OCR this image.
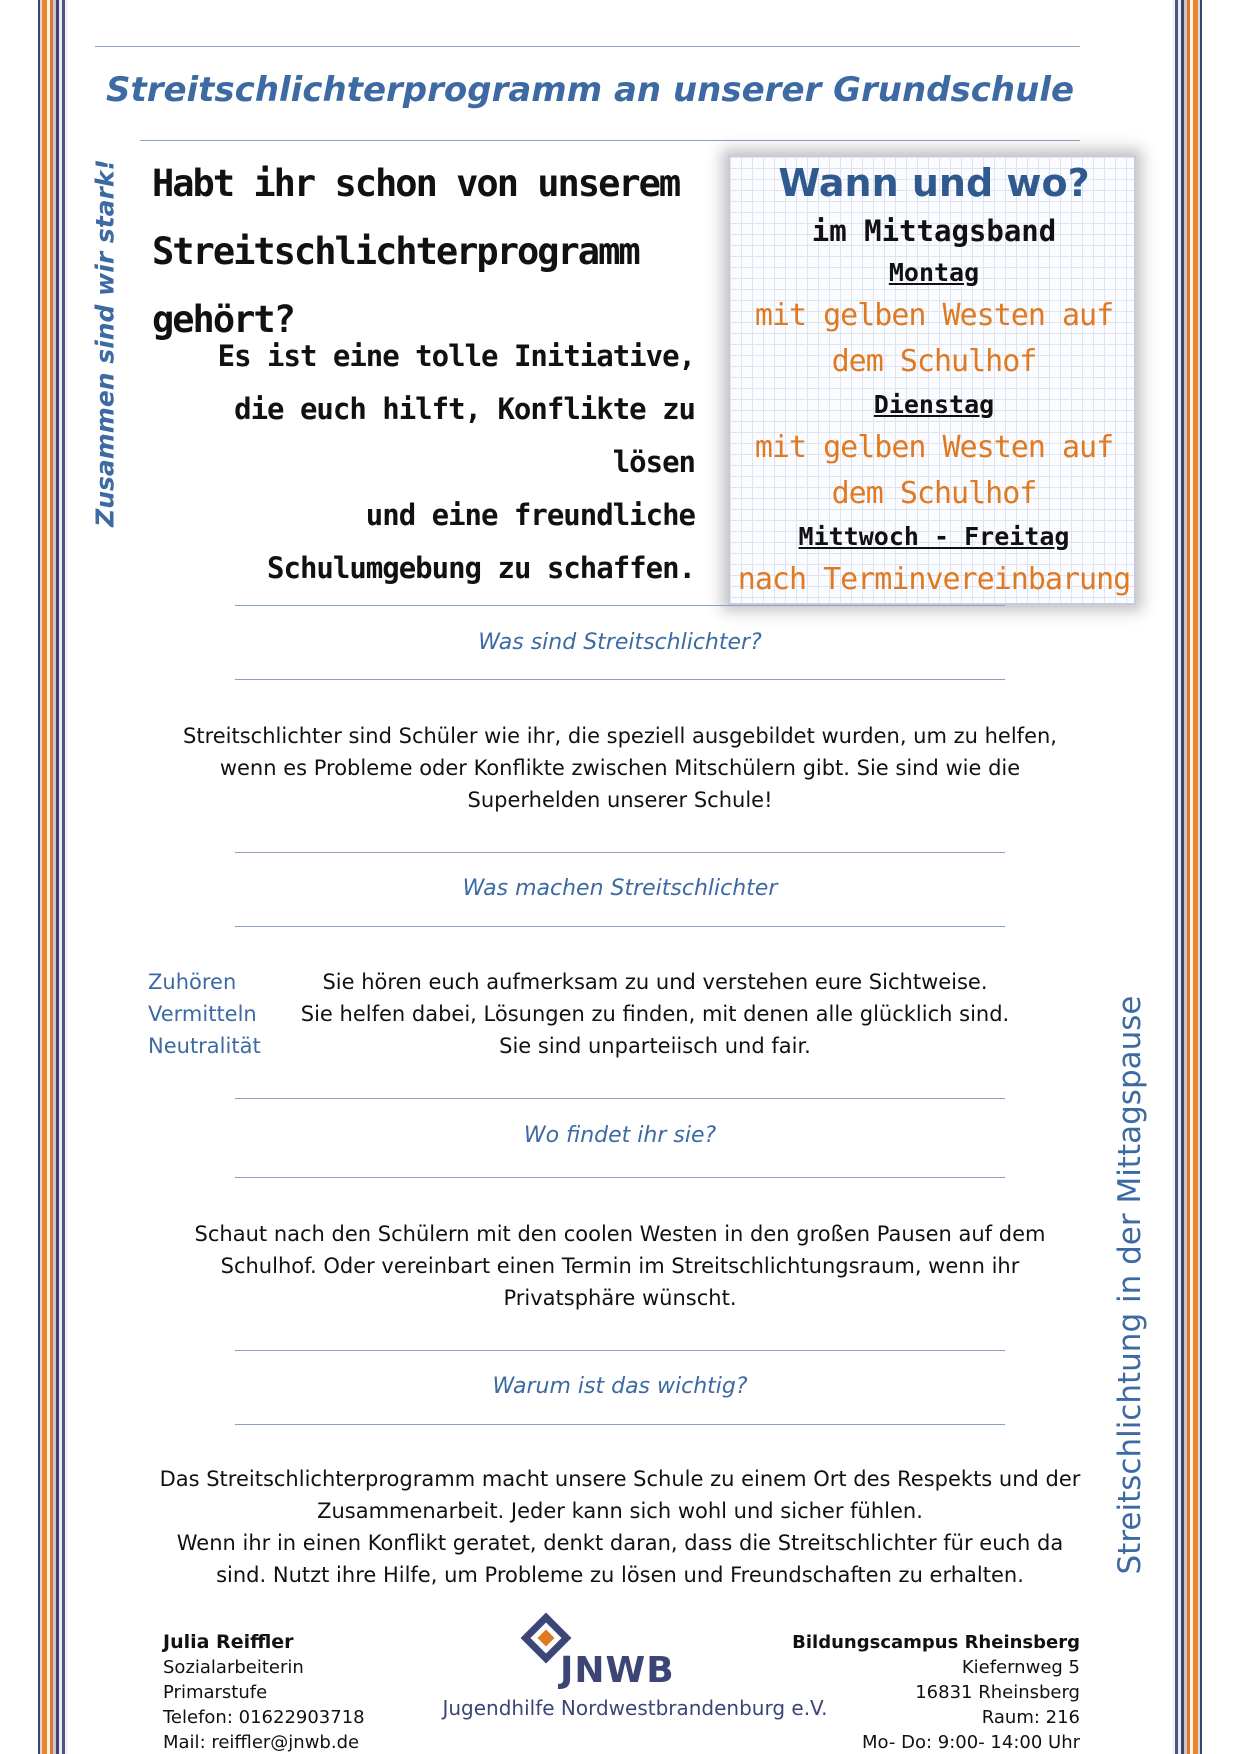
Streitschlichterprogramm an unserer Grundschule
Zusammen sind wir stark! Habt ihr schon von unserem
Streitschlichterprogramm
gehört?
Es ist eine tolle Initiative,
die euch hilft, Konflikte zu lösen
und eine freundliche
Schulumgebung zu schaffen.
Wann und wo?
im Mittagsband
Montag
mit gelben Westen auf
dem Schulhof
Dienstag
mit gelben Westen auf
dem Schulhof
Mittwoch - Freitag
nach Terminvereinbarung
Was sind Streitschlichter?
Streitschlichter sind Schüler wie ihr, die speziell ausgebildet wurden, um zu helfen,
wenn es Probleme oder Konflikte zwischen Mitschülern gibt. Sie sind wie die
Superhelden unserer Schule!
Was machen Streitschlichter
Zuhören
Vermitteln
Neutralität
Sie hören euch aufmerksam zu und verstehen eure Sichtweise.
Sie helfen dabei, Lösungen zu finden, mit denen alle glücklich sind.
Sie sind unparteiisch und fair.
Wo findet ihr sie?
Schaut nach den Schülern mit den coolen Westen in den großen Pausen auf dem
Schulhof. Oder vereinbart einen Termin im Streitschlichtungsraum, wenn ihr
Privatsphäre wünscht.
Warum ist das wichtig?
Das Streitschlichterprogramm macht unsere Schule zu einem Ort des Respekts und der
Zusammenarbeit. Jeder kann sich wohl und sicher fühlen.
Wenn ihr in einen Konflikt geratet, denkt daran, dass die Streitschlichter für euch da
sind. Nutzt ihre Hilfe, um Probleme zu lösen und Freundschaften zu erhalten.
Streitschlichtung in der Mittagspause
Julia Reiffler
Sozialarbeiterin
Primarstufe
Telefon: 01622903718
Mail: reiffler@jnwb.de
JNWB
Jugendhilfe Nordwestbrandenburg e.V.
Bildungscampus Rheinsberg
Kiefernweg 5
16831 Rheinsberg
Raum: 216
Mo- Do: 9:00- 14:00 Uhr
